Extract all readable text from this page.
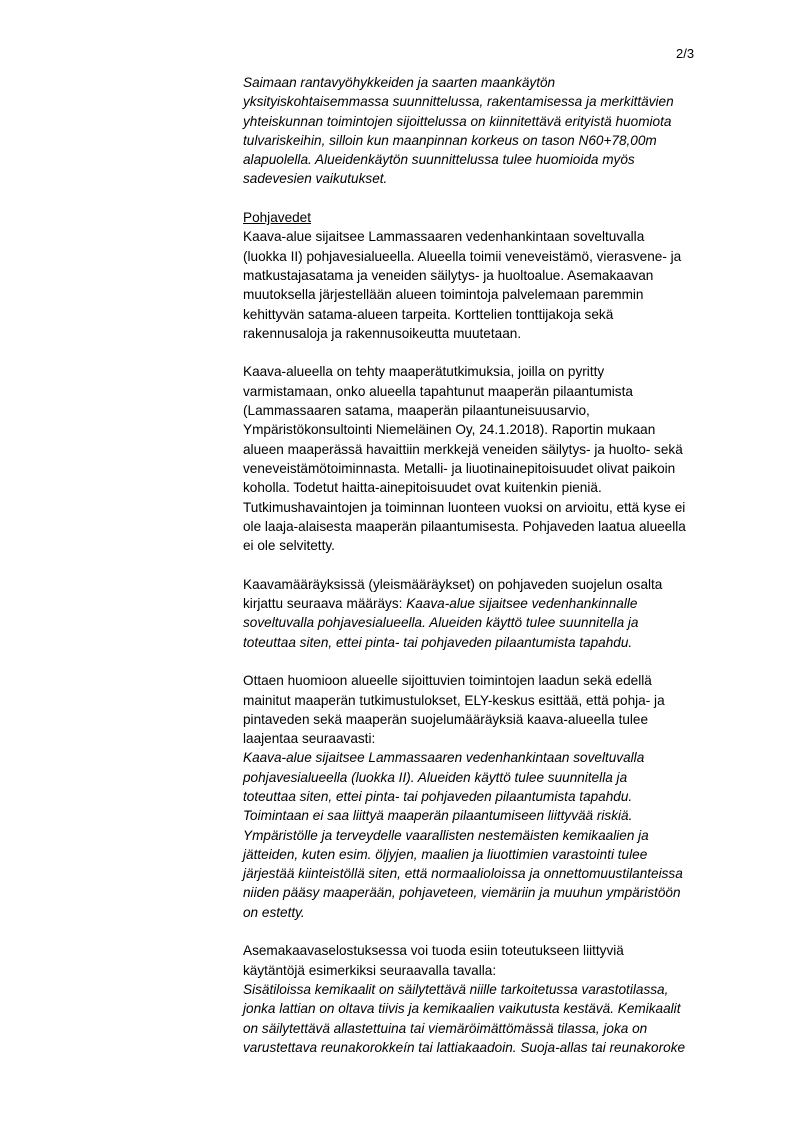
2/3
Saimaan rantavyöhykkeiden ja saarten maankäytön
yksityiskohtaisemmassa suunnittelussa, rakentamisessa ja merkittävien
yhteiskunnan toimintojen sijoittelussa on kiinnitettävä erityistä huomiota
tulvariskeihin, silloin kun maanpinnan korkeus on tason N60+78,00m
alapuolella. Alueidenkäytön suunnittelussa tulee huomioida myös
sadevesien vaikutukset.
Pohjavedet
Kaava-alue sijaitsee Lammassaaren vedenhankintaan soveltuvalla
(luokka II) pohjavesialueella. Alueella toimii veneveistämö, vierasvene- ja
matkustajasatama ja veneiden säilytys- ja huoltoalue. Asemakaavan
muutoksella järjestellään alueen toimintoja palvelemaan paremmin
kehittyvän satama-alueen tarpeita. Korttelien tonttijakoja sekä
rakennusaloja ja rakennusoikeutta muutetaan.
Kaava-alueella on tehty maaperätutkimuksia, joilla on pyritty
varmistamaan, onko alueella tapahtunut maaperän pilaantumista
(Lammassaaren satama, maaperän pilaantuneisuusarvio,
Ympäristökonsultointi Niemeläinen Oy, 24.1.2018). Raportin mukaan
alueen maaperässä havaittiin merkkejä veneiden säilytys- ja huolto- sekä
veneveistämötoiminnasta. Metalli- ja liuotinainepitoisuudet olivat paikoin
koholla. Todetut haitta-ainepitoisuudet ovat kuitenkin pieniä.
Tutkimushavaintojen ja toiminnan luonteen vuoksi on arvioitu, että kyse ei
ole laaja-alaisesta maaperän pilaantumisesta. Pohjaveden laatua alueella
ei ole selvitetty.
Kaavamääräyksissä (yleismääräykset) on pohjaveden suojelun osalta
kirjattu seuraava määräys: Kaava-alue sijaitsee vedenhankinnalle
soveltuvalla pohjavesialueella. Alueiden käyttö tulee suunnitella ja
toteuttaa siten, ettei pinta- tai pohjaveden pilaantumista tapahdu.
Ottaen huomioon alueelle sijoittuvien toimintojen laadun sekä edellä
mainitut maaperän tutkimustulokset, ELY-keskus esittää, että pohja- ja
pintaveden sekä maaperän suojelumääräyksiä kaava-alueella tulee
laajentaa seuraavasti:
Kaava-alue sijaitsee Lammassaaren vedenhankintaan soveltuvalla
pohjavesialueella (luokka II). Alueiden käyttö tulee suunnitella ja
toteuttaa siten, ettei pinta- tai pohjaveden pilaantumista tapahdu.
Toimintaan ei saa liittyä maaperän pilaantumiseen liittyvää riskiä.
Ympäristölle ja terveydelle vaarallisten nestemäisten kemikaalien ja
jätteiden, kuten esim. öljyjen, maalien ja liuottimien varastointi tulee
järjestää kiinteistöllä siten, että normaalioloissa ja onnettomuustilanteissa
niiden pääsy maaperään, pohjaveteen, viemäriin ja muuhun ympäristöön
on estetty.
Asemakaavaselostuksessa voi tuoda esiin toteutukseen liittyviä
käytäntöjä esimerkiksi seuraavalla tavalla:
Sisätiloissa kemikaalit on säilytettävä niille tarkoitetussa varastotilassa,
jonka lattian on oltava tiivis ja kemikaalien vaikutusta kestävä. Kemikaalit
on säilytettävä allastettuina tai viemäröimättömässä tilassa, joka on
varustettava reunakorokkeín tai lattiakaadoin. Suoja-allas tai reunakoroke
